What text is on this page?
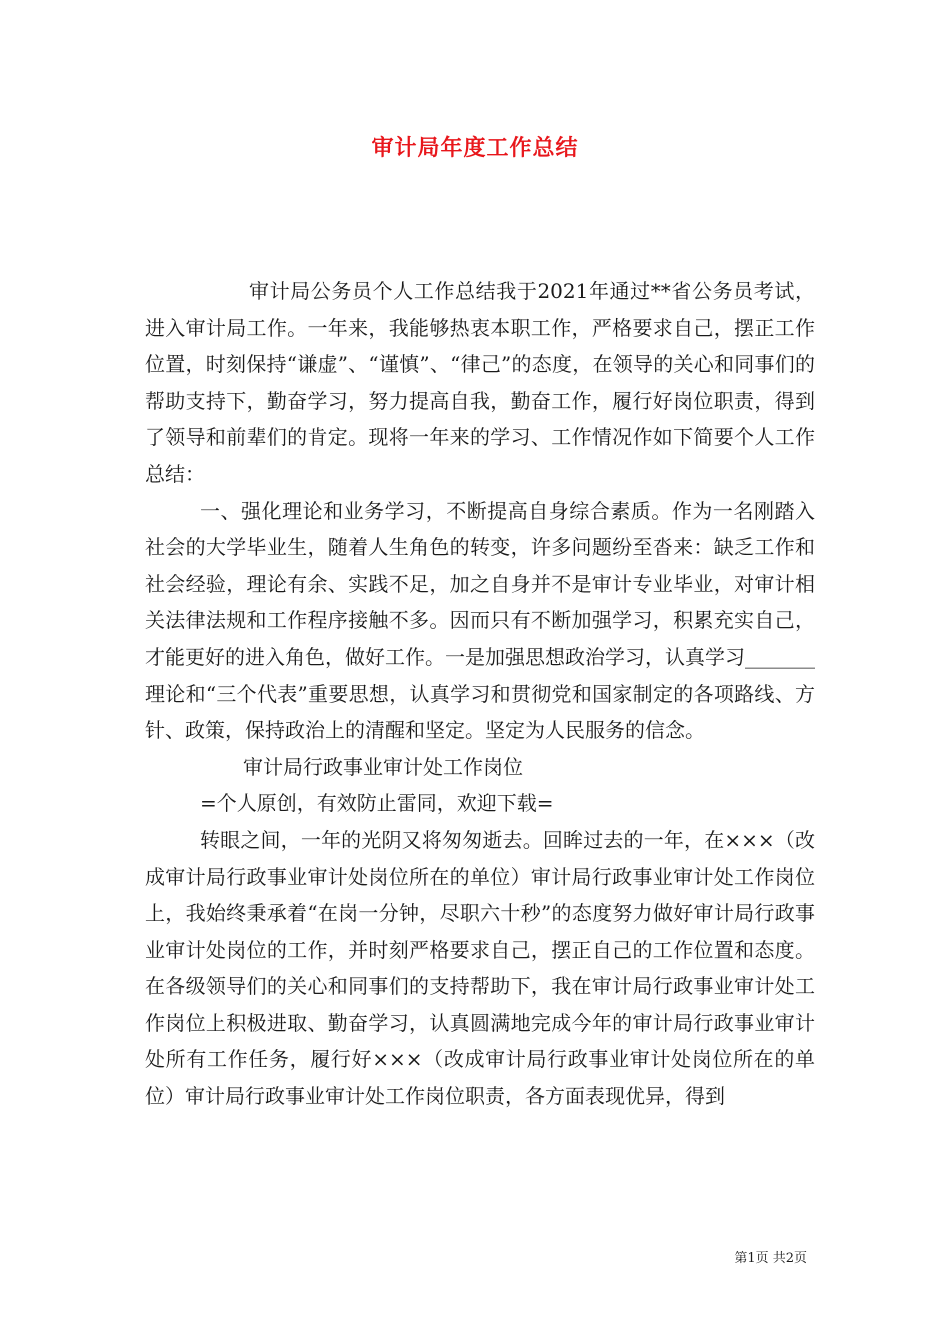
审计局年度工作总结

审计局公务员个人工作总结我于2021年通过**省公务员考试，进入审计局工作。一年来，我能够热衷本职工作，严格要求自己，摆正工作位置，时刻保持“谦虚”、“谨慎”、“律己”的态度，在领导的关心和同事们的帮助支持下，勤奋学习，努力提高自我，勤奋工作，履行好岗位职责，得到了领导和前辈们的肯定。现将一年来的学习、工作情况作如下简要个人工作总结：

一、强化理论和业务学习，不断提高自身综合素质。作为一名刚踏入社会的大学毕业生，随着人生角色的转变，许多问题纷至沓来：缺乏工作和社会经验，理论有余、实践不足，加之自身并不是审计专业毕业，对审计相关法律法规和工作程序接触不多。因而只有不断加强学习，积累充实自己，才能更好的进入角色，做好工作。一是加强思想政治学习，认真学习_______理论和“三个代表”重要思想，认真学习和贯彻党和国家制定的各项路线、方针、政策，保持政治上的清醒和坚定。坚定为人民服务的信念。

审计局行政事业审计处工作岗位

=个人原创，有效防止雷同，欢迎下载=

转眼之间，一年的光阴又将匆匆逝去。回眸过去的一年，在×××（改成审计局行政事业审计处岗位所在的单位）审计局行政事业审计处工作岗位上，我始终秉承着“在岗一分钟，尽职六十秒”的态度努力做好审计局行政事业审计处岗位的工作，并时刻严格要求自己，摆正自己的工作位置和态度。在各级领导们的关心和同事们的支持帮助下，我在审计局行政事业审计处工作岗位上积极进取、勤奋学习，认真圆满地完成今年的审计局行政事业审计处所有工作任务，履行好×××（改成审计局行政事业审计处岗位所在的单位）审计局行政事业审计处工作岗位职责，各方面表现优异，得到

第1页 共2页
